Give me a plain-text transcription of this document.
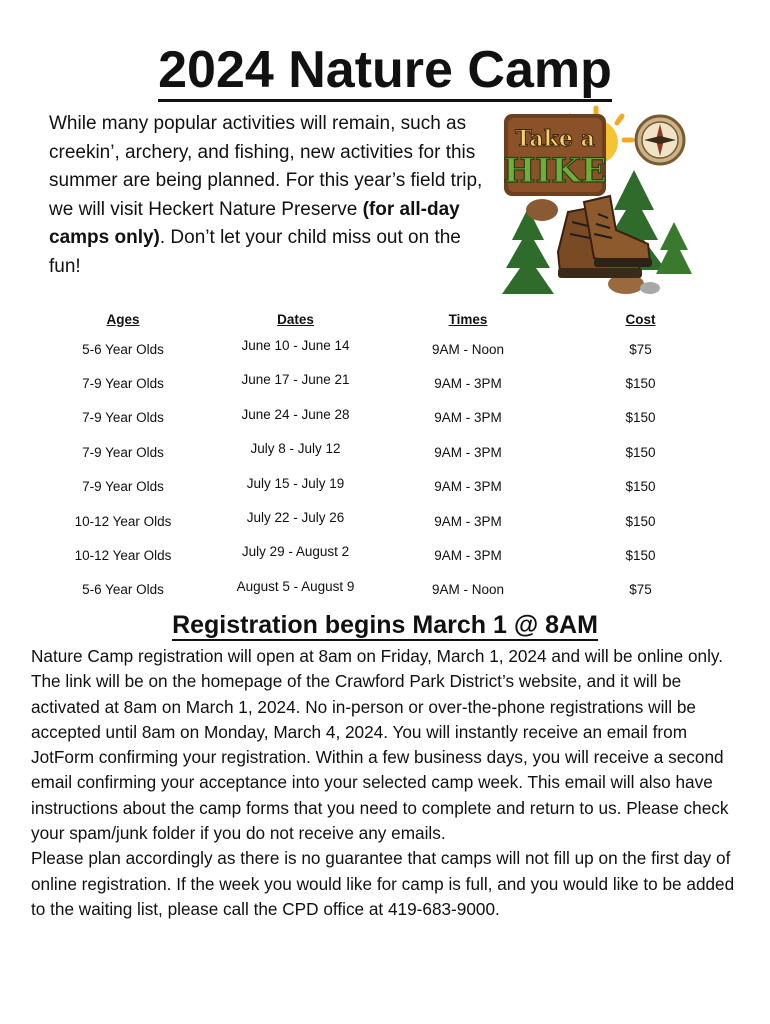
2024 Nature Camp
While many popular activities will remain, such as creekin’, archery, and fishing, new activities for this summer are being planned. For this year’s field trip, we will visit Heckert Nature Preserve (for all-day camps only). Don’t let your child miss out on the fun!
Take a
HIKE
Ages	Dates	Times	Cost
5-6 Year Olds	June 10 - June 14	9AM - Noon	$75
7-9 Year Olds	June 17 - June 21	9AM - 3PM	$150
7-9 Year Olds	June 24 - June 28	9AM - 3PM	$150
7-9 Year Olds	July 8 - July 12	9AM - 3PM	$150
7-9 Year Olds	July 15 - July 19	9AM - 3PM	$150
10-12 Year Olds	July 22 - July 26	9AM - 3PM	$150
10-12 Year Olds	July 29 - August 2	9AM - 3PM	$150
5-6 Year Olds	August 5 - August 9	9AM - Noon	$75
Registration begins March 1 @ 8AM

Nature Camp registration will open at 8am on Friday, March 1, 2024 and will be online only. The link will be on the homepage of the Crawford Park District’s website, and it will be activated at 8am on March 1, 2024. No in-person or over-the-phone registrations will be accepted until 8am on Monday, March 4, 2024. You will instantly receive an email from JotForm confirming your registration. Within a few business days, you will receive a second email confirming your acceptance into your selected camp week. This email will also have instructions about the camp forms that you need to complete and return to us. Please check your spam/junk folder if you do not receive any emails.

Please plan accordingly as there is no guarantee that camps will not fill up on the first day of online registration. If the week you would like for camp is full, and you would like to be added to the waiting list, please call the CPD office at 419-683-9000.
